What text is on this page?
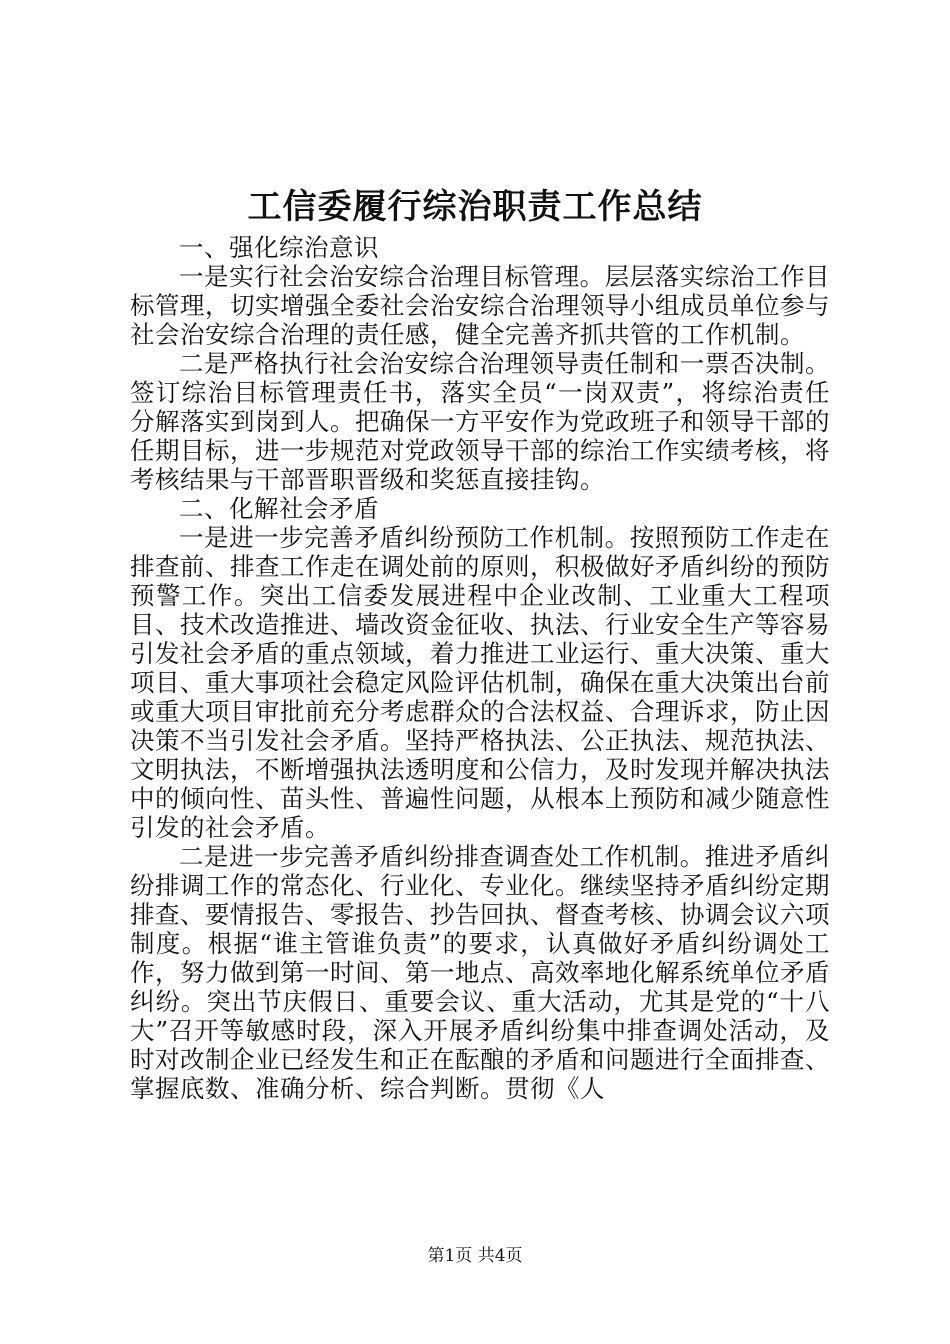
工信委履行综治职责工作总结

一、强化综治意识

一是实行社会治安综合治理目标管理。层层落实综治工作目标管理，切实增强全委社会治安综合治理领导小组成员单位参与社会治安综合治理的责任感，健全完善齐抓共管的工作机制。

二是严格执行社会治安综合治理领导责任制和一票否决制。签订综治目标管理责任书，落实全员“一岗双责”，将综治责任分解落实到岗到人。把确保一方平安作为党政班子和领导干部的任期目标，进一步规范对党政领导干部的综治工作实绩考核，将考核结果与干部晋职晋级和奖惩直接挂钩。

二、化解社会矛盾

一是进一步完善矛盾纠纷预防工作机制。按照预防工作走在排查前、排查工作走在调处前的原则，积极做好矛盾纠纷的预防预警工作。突出工信委发展进程中企业改制、工业重大工程项目、技术改造推进、墙改资金征收、执法、行业安全生产等容易引发社会矛盾的重点领域，着力推进工业运行、重大决策、重大项目、重大事项社会稳定风险评估机制，确保在重大决策出台前或重大项目审批前充分考虑群众的合法权益、合理诉求，防止因决策不当引发社会矛盾。坚持严格执法、公正执法、规范执法、文明执法，不断增强执法透明度和公信力，及时发现并解决执法中的倾向性、苗头性、普遍性问题，从根本上预防和减少随意性引发的社会矛盾。

二是进一步完善矛盾纠纷排查调查处工作机制。推进矛盾纠纷排调工作的常态化、行业化、专业化。继续坚持矛盾纠纷定期排查、要情报告、零报告、抄告回执、督查考核、协调会议六项制度。根据“谁主管谁负责”的要求，认真做好矛盾纠纷调处工作，努力做到第一时间、第一地点、高效率地化解系统单位矛盾纠纷。突出节庆假日、重要会议、重大活动，尤其是党的“十八大”召开等敏感时段，深入开展矛盾纠纷集中排查调处活动，及时对改制企业已经发生和正在酝酿的矛盾和问题进行全面排查、掌握底数、准确分析、综合判断。贯彻《人

第1页 共4页
